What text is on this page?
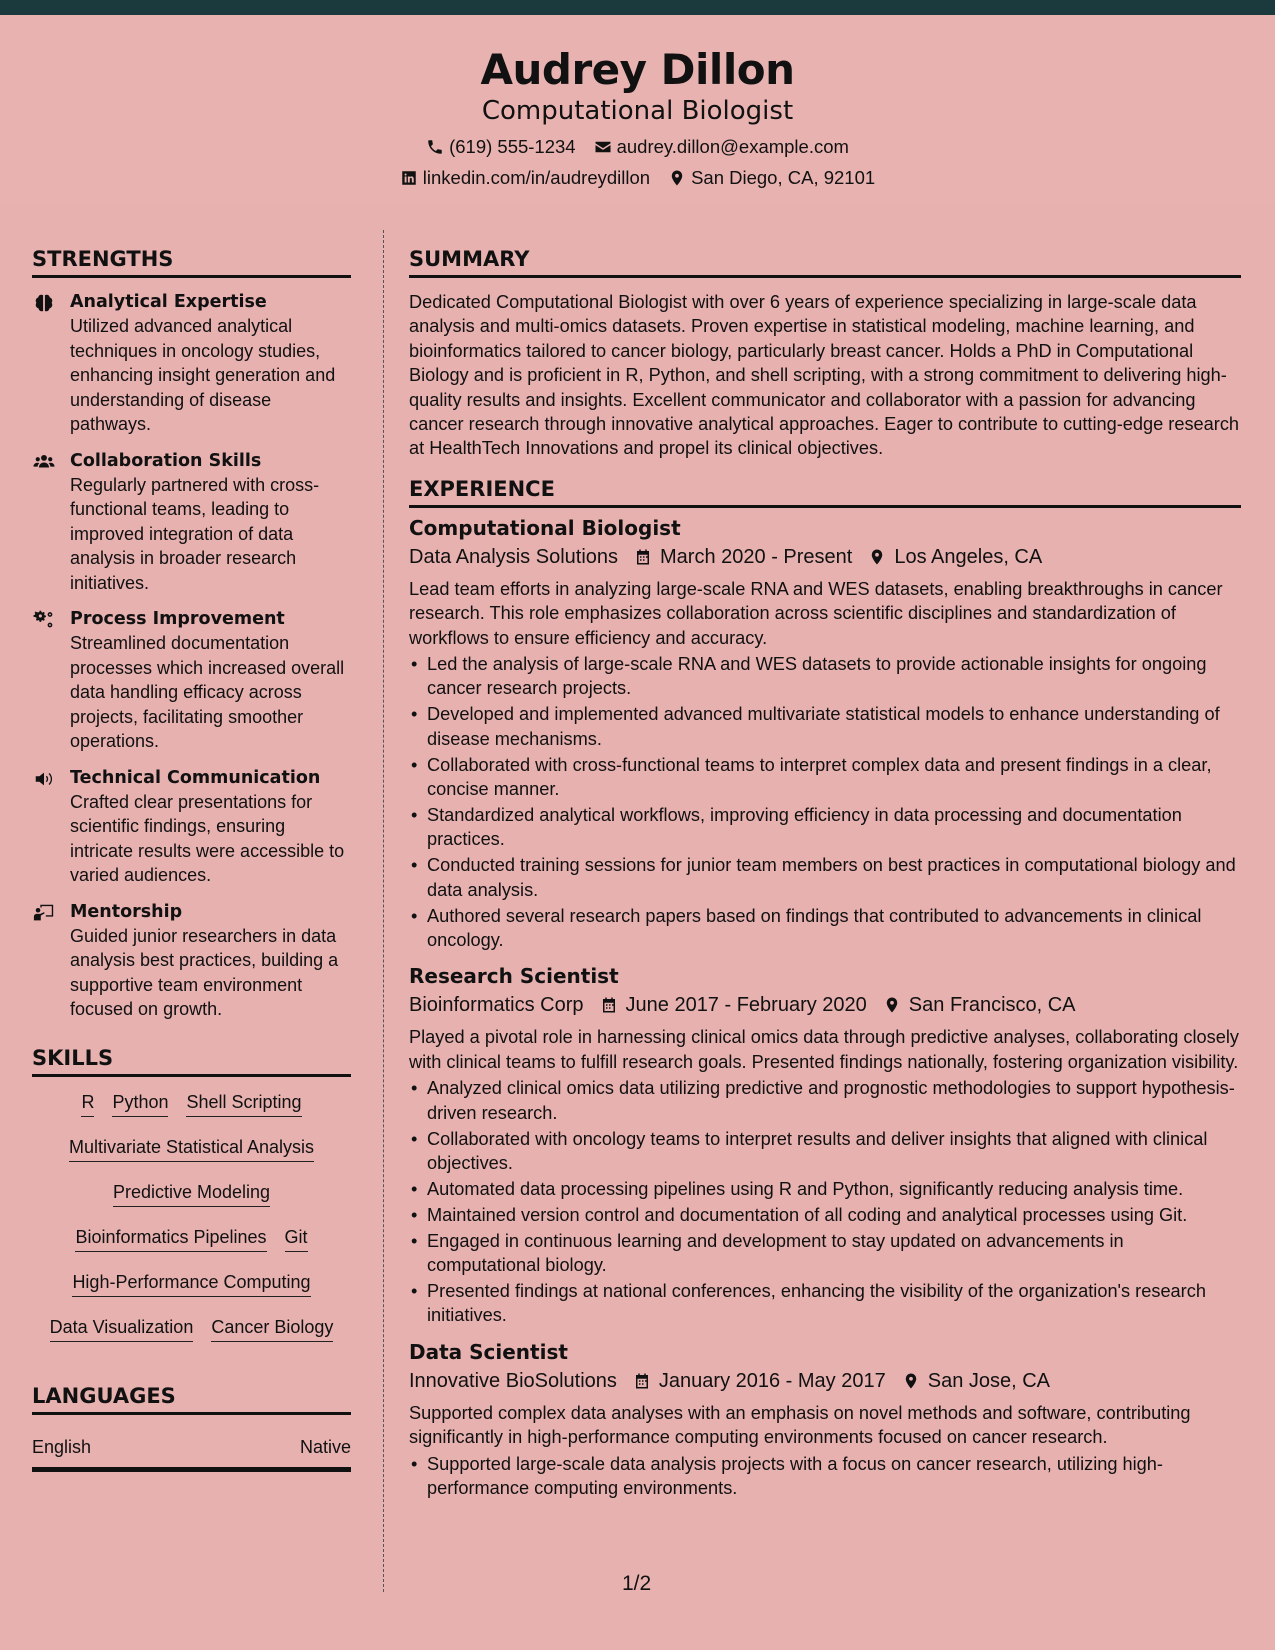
Audrey Dillon
Computational Biologist
(619) 555-1234 audrey.dillon@example.com
linkedin.com/in/audreydillon San Diego, CA, 92101
STRENGTHS
Analytical Expertise
Utilized advanced analytical techniques in oncology studies, enhancing insight generation and understanding of disease pathways.
Collaboration Skills
Regularly partnered with cross-functional teams, leading to improved integration of data analysis in broader research initiatives.
Process Improvement
Streamlined documentation processes which increased overall data handling efficacy across projects, facilitating smoother operations.
Technical Communication
Crafted clear presentations for scientific findings, ensuring intricate results were accessible to varied audiences.
Mentorship
Guided junior researchers in data analysis best practices, building a supportive team environment focused on growth.
SKILLS
R Python Shell Scripting
Multivariate Statistical Analysis
Predictive Modeling
Bioinformatics Pipelines Git
High-Performance Computing
Data Visualization Cancer Biology
LANGUAGES
English	Native
SUMMARY

Dedicated Computational Biologist with over 6 years of experience specializing in large-scale data analysis and multi-omics datasets. Proven expertise in statistical modeling, machine learning, and bioinformatics tailored to cancer biology, particularly breast cancer. Holds a PhD in Computational Biology and is proficient in R, Python, and shell scripting, with a strong commitment to delivering high-quality results and insights. Excellent communicator and collaborator with a passion for advancing cancer research through innovative analytical approaches. Eager to contribute to cutting-edge research at HealthTech Innovations and propel its clinical objectives.

EXPERIENCE
Computational Biologist
Data Analysis Solutions March 2020 - Present Los Angeles, CA

Lead team efforts in analyzing large-scale RNA and WES datasets, enabling breakthroughs in cancer research. This role emphasizes collaboration across scientific disciplines and standardization of workflows to ensure efficiency and accuracy.

• Led the analysis of large-scale RNA and WES datasets to provide actionable insights for ongoing cancer research projects.
• Developed and implemented advanced multivariate statistical models to enhance understanding of disease mechanisms.
• Collaborated with cross-functional teams to interpret complex data and present findings in a clear, concise manner.
• Standardized analytical workflows, improving efficiency in data processing and documentation practices.
• Conducted training sessions for junior team members on best practices in computational biology and data analysis.
• Authored several research papers based on findings that contributed to advancements in clinical oncology.
Research Scientist
Bioinformatics Corp June 2017 - February 2020 San Francisco, CA

Played a pivotal role in harnessing clinical omics data through predictive analyses, collaborating closely with clinical teams to fulfill research goals. Presented findings nationally, fostering organization visibility.

• Analyzed clinical omics data utilizing predictive and prognostic methodologies to support hypothesis-driven research.
• Collaborated with oncology teams to interpret results and deliver insights that aligned with clinical objectives.
• Automated data processing pipelines using R and Python, significantly reducing analysis time.
• Maintained version control and documentation of all coding and analytical processes using Git.
• Engaged in continuous learning and development to stay updated on advancements in computational biology.
• Presented findings at national conferences, enhancing the visibility of the organization's research initiatives.
Data Scientist
Innovative BioSolutions January 2016 - May 2017 San Jose, CA

Supported complex data analyses with an emphasis on novel methods and software, contributing significantly in high-performance computing environments focused on cancer research.

• Supported large-scale data analysis projects with a focus on cancer research, utilizing high-performance computing environments.
1/2
